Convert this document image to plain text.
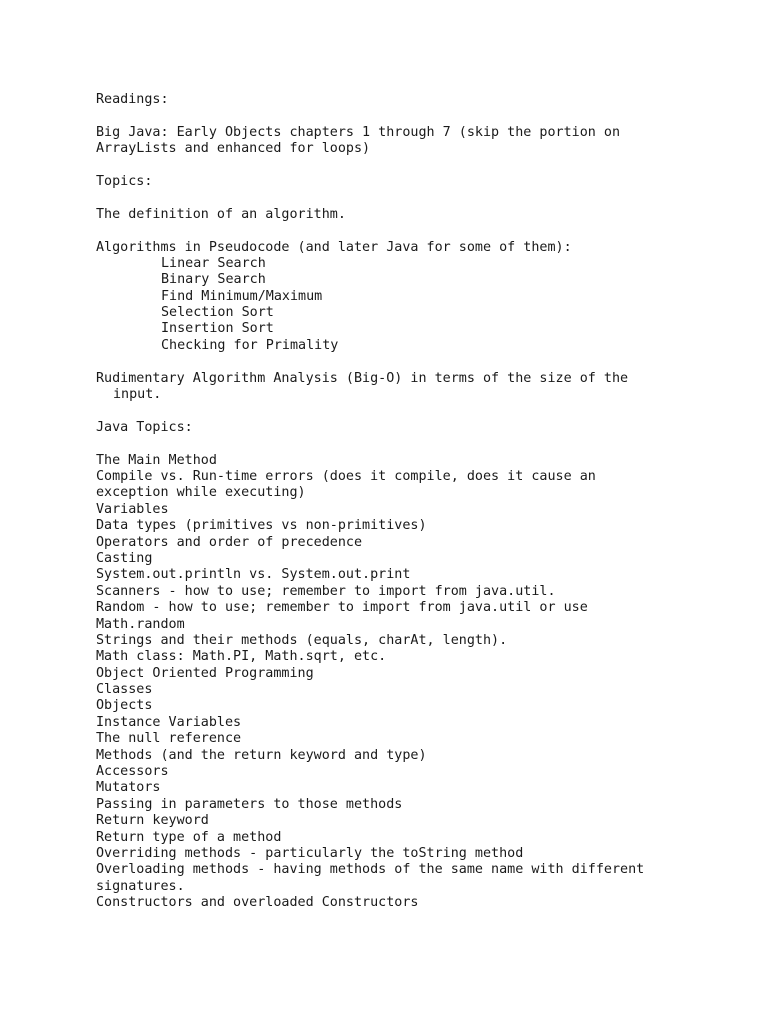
Readings:
Big Java: Early Objects chapters 1 through 7 (skip the portion on
ArrayLists and enhanced for loops)
Topics:
The definition of an algorithm.
Algorithms in Pseudocode (and later Java for some of them):
Linear Search
Binary Search
Find Minimum/Maximum
Selection Sort
Insertion Sort
Checking for Primality
Rudimentary Algorithm Analysis (Big-O) in terms of the size of the
input.
Java Topics:
The Main Method
Compile vs. Run-time errors (does it compile, does it cause an
exception while executing)
Variables
Data types (primitives vs non-primitives)
Operators and order of precedence
Casting
System.out.println vs. System.out.print
Scanners - how to use; remember to import from java.util.
Random - how to use; remember to import from java.util or use
Math.random
Strings and their methods (equals, charAt, length).
Math class: Math.PI, Math.sqrt, etc.
Object Oriented Programming
Classes
Objects
Instance Variables
The null reference
Methods (and the return keyword and type)
Accessors
Mutators
Passing in parameters to those methods
Return keyword
Return type of a method
Overriding methods - particularly the toString method
Overloading methods - having methods of the same name with different
signatures.
Constructors and overloaded Constructors
